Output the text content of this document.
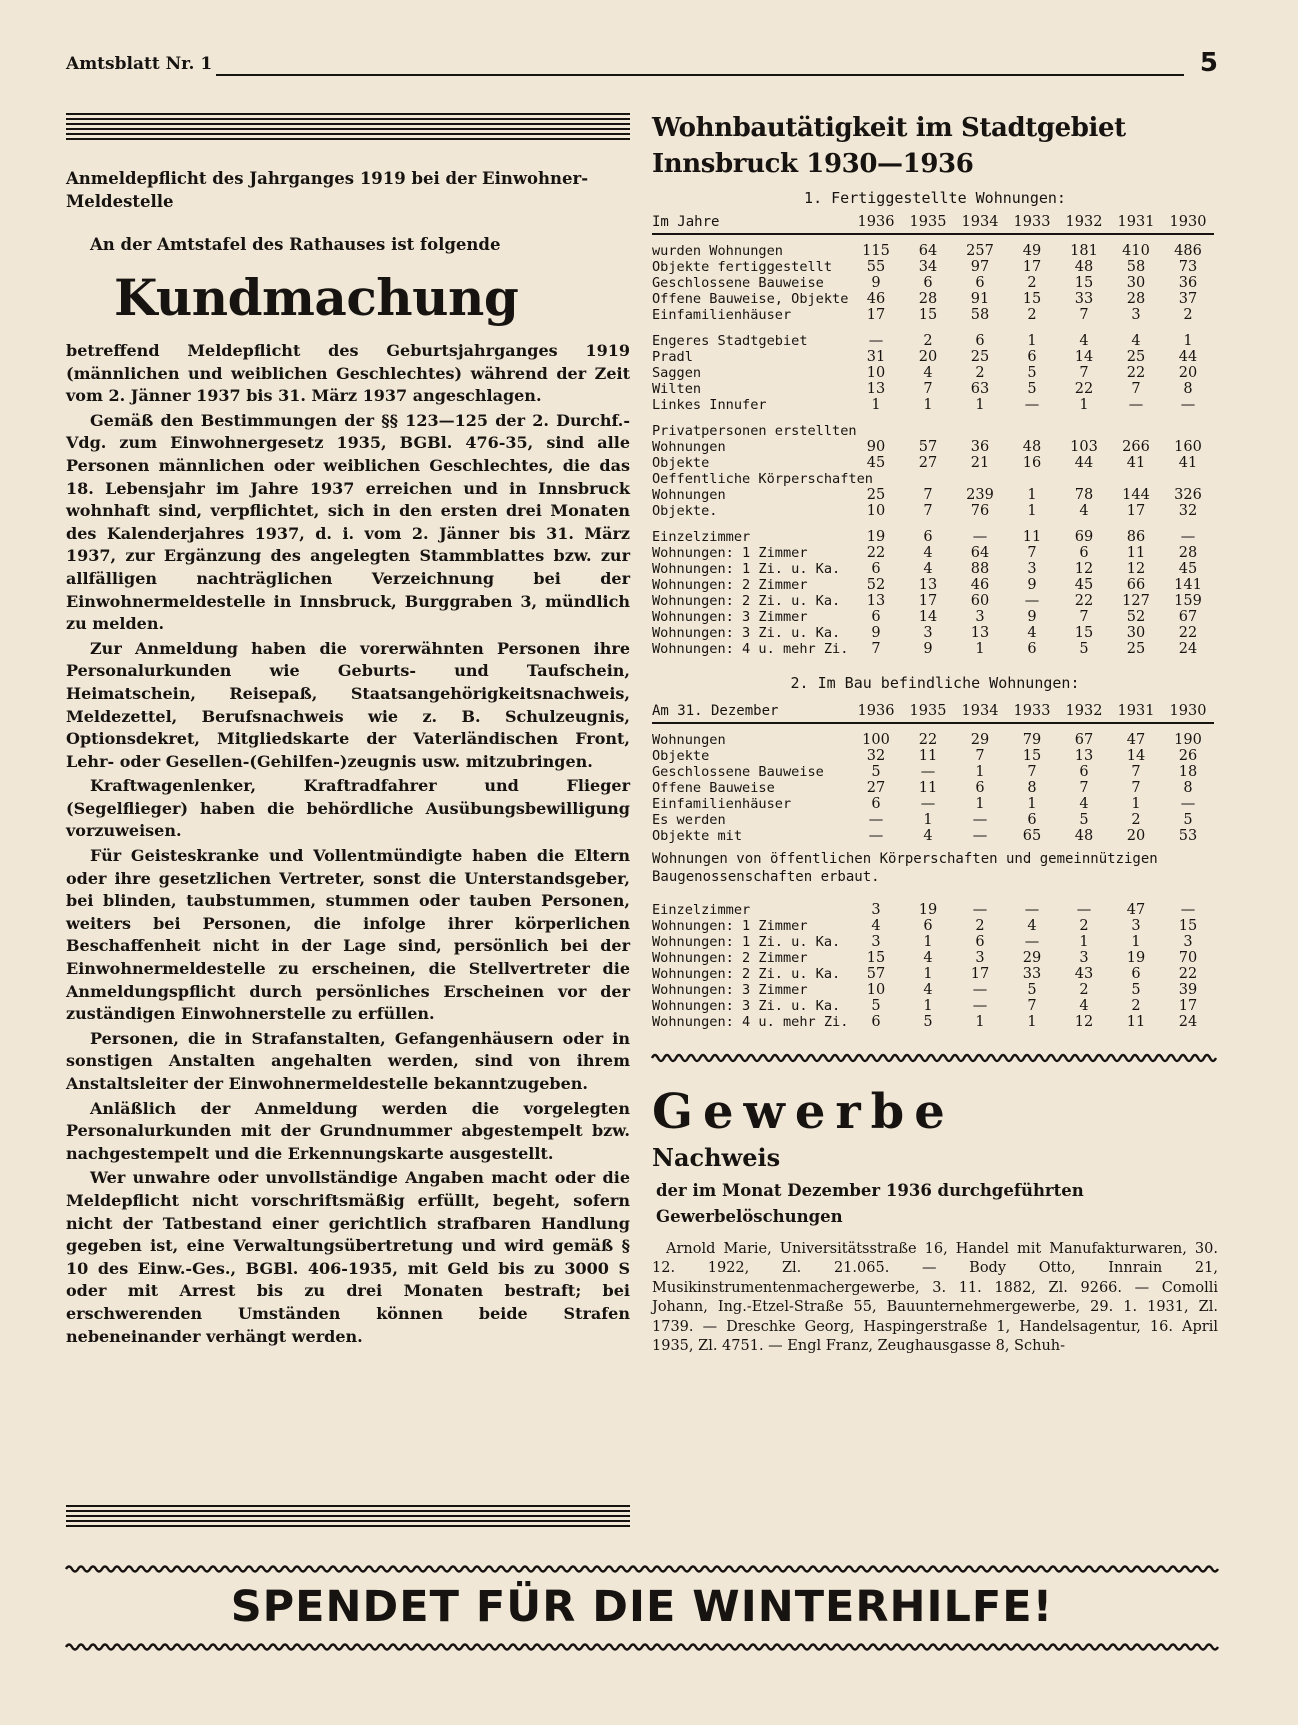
Amtsblatt Nr. 1	5

Anmeldepflicht des Jahrganges 1919 bei der Einwohner-Meldestelle

An der Amtstafel des Rathauses ist folgende

Kundmachung

betreffend Meldepflicht des Geburtsjahrganges 1919 (männlichen und weiblichen Geschlechtes) während der Zeit vom 2. Jänner 1937 bis 31. März 1937 angeschlagen.

Gemäß den Bestimmungen der §§ 123—125 der 2. Durchf.-Vdg. zum Einwohnergesetz 1935, BGBl. 476-35, sind alle Personen männlichen oder weiblichen Geschlechtes, die das 18. Lebensjahr im Jahre 1937 erreichen und in Innsbruck wohnhaft sind, verpflichtet, sich in den ersten drei Monaten des Kalenderjahres 1937, d. i. vom 2. Jänner bis 31. März 1937, zur Ergänzung des angelegten Stammblattes bzw. zur allfälligen nachträglichen Verzeichnung bei der Einwohnermeldestelle in Innsbruck, Burggraben 3, mündlich zu melden.

Zur Anmeldung haben die vorerwähnten Personen ihre Personalurkunden wie Geburts- und Taufschein, Heimatschein, Reisepaß, Staatsangehörigkeitsnachweis, Meldezettel, Berufsnachweis wie z. B. Schulzeugnis, Optionsdekret, Mitgliedskarte der Vaterländischen Front, Lehr- oder Gesellen-(Gehilfen-)zeugnis usw. mitzubringen.

Kraftwagenlenker, Kraftradfahrer und Flieger (Segelflieger) haben die behördliche Ausübungsbewilligung vorzuweisen.

Für Geisteskranke und Vollentmündigte haben die Eltern oder ihre gesetzlichen Vertreter, sonst die Unterstandsgeber, bei blinden, taubstummen, stummen oder tauben Personen, weiters bei Personen, die infolge ihrer körperlichen Beschaffenheit nicht in der Lage sind, persönlich bei der Einwohnermeldestelle zu erscheinen, die Stellvertreter die Anmeldungspflicht durch persönliches Erscheinen vor der zuständigen Einwohnerstelle zu erfüllen.

Personen, die in Strafanstalten, Gefangenhäusern oder in sonstigen Anstalten angehalten werden, sind von ihrem Anstaltsleiter der Einwohnermeldestelle bekanntzugeben.

Anläßlich der Anmeldung werden die vorgelegten Personalurkunden mit der Grundnummer abgestempelt bzw. nachgestempelt und die Erkennungskarte ausgestellt.

Wer unwahre oder unvollständige Angaben macht oder die Meldepflicht nicht vorschriftsmäßig erfüllt, begeht, sofern nicht der Tatbestand einer gerichtlich strafbaren Handlung gegeben ist, eine Verwaltungsübertretung und wird gemäß § 10 des Einw.-Ges., BGBl. 406-1935, mit Geld bis zu 3000 S oder mit Arrest bis zu drei Monaten bestraft; bei erschwerenden Umständen können beide Strafen nebeneinander verhängt werden.

Wohnbautätigkeit im Stadtgebiet

Innsbruck 1930—1936

1. Fertiggestellte Wohnungen:

Im Jahre	1936	1935	1934	1933	1932	1931	1930
wurden Wohnungen	115	64	257	49	181	410	486
Objekte fertiggestellt	55	34	97	17	48	58	73
Geschlossene Bauweise	9	6	6	2	15	30	36
Offene Bauweise, Objekte	46	28	91	15	33	28	37
Einfamilienhäuser	17	15	58	2	7	3	2
Engeres Stadtgebiet	—	2	6	1	4	4	1
Pradl	31	20	25	6	14	25	44
Saggen	10	4	2	5	7	22	20
Wilten	13	7	63	5	22	7	8
Linkes Innufer	1	1	1	—	1	—	—
Privatpersonen erstellten							
Wohnungen	90	57	36	48	103	266	160
Objekte	45	27	21	16	44	41	41
Oeffentliche Körperschaften							
Wohnungen	25	7	239	1	78	144	326
Objekte.	10	7	76	1	4	17	32
Einzelzimmer	19	6	—	11	69	86	—
Wohnungen: 1 Zimmer	22	4	64	7	6	11	28
Wohnungen: 1 Zi. u. Ka.	6	4	88	3	12	12	45
Wohnungen: 2 Zimmer	52	13	46	9	45	66	141
Wohnungen: 2 Zi. u. Ka.	13	17	60	—	22	127	159
Wohnungen: 3 Zimmer	6	14	3	9	7	52	67
Wohnungen: 3 Zi. u. Ka.	9	3	13	4	15	30	22
Wohnungen: 4 u. mehr Zi.	7	9	1	6	5	25	24

2. Im Bau befindliche Wohnungen:

Am 31. Dezember	1936	1935	1934	1933	1932	1931	1930
Wohnungen	100	22	29	79	67	47	190
Objekte	32	11	7	15	13	14	26
Geschlossene Bauweise	5	—	1	7	6	7	18
Offene Bauweise	27	11	6	8	7	7	8
Einfamilienhäuser	6	—	1	1	4	1	—
Es werden	—	1	—	6	5	2	5
Objekte mit	—	4	—	65	48	20	53

Wohnungen von öffentlichen Körperschaften und gemeinnützigen Baugenossenschaften erbaut.

Einzelzimmer	3	19	—	—	—	47	—
Wohnungen: 1 Zimmer	4	6	2	4	2	3	15
Wohnungen: 1 Zi. u. Ka.	3	1	6	—	1	1	3
Wohnungen: 2 Zimmer	15	4	3	29	3	19	70
Wohnungen: 2 Zi. u. Ka.	57	1	17	33	43	6	22
Wohnungen: 3 Zimmer	10	4	—	5	2	5	39
Wohnungen: 3 Zi. u. Ka.	5	1	—	7	4	2	17
Wohnungen: 4 u. mehr Zi.	6	5	1	1	12	11	24

Gewerbe

Nachweis

der im Monat Dezember 1936 durchgeführten Gewerbelöschungen

Arnold Marie, Universitätsstraße 16, Handel mit Manufakturwaren, 30. 12. 1922, Zl. 21.065. — Body Otto, Innrain 21, Musikinstrumentenmachergewerbe, 3. 11. 1882, Zl. 9266. — Comolli Johann, Ing.-Etzel-Straße 55, Bauunternehmergewerbe, 29. 1. 1931, Zl. 1739. — Dreschke Georg, Haspingerstraße 1, Handelsagentur, 16. April 1935, Zl. 4751. — Engl Franz, Zeughausgasse 8, Schuh-

SPENDET FÜR DIE WINTERHILFE!
